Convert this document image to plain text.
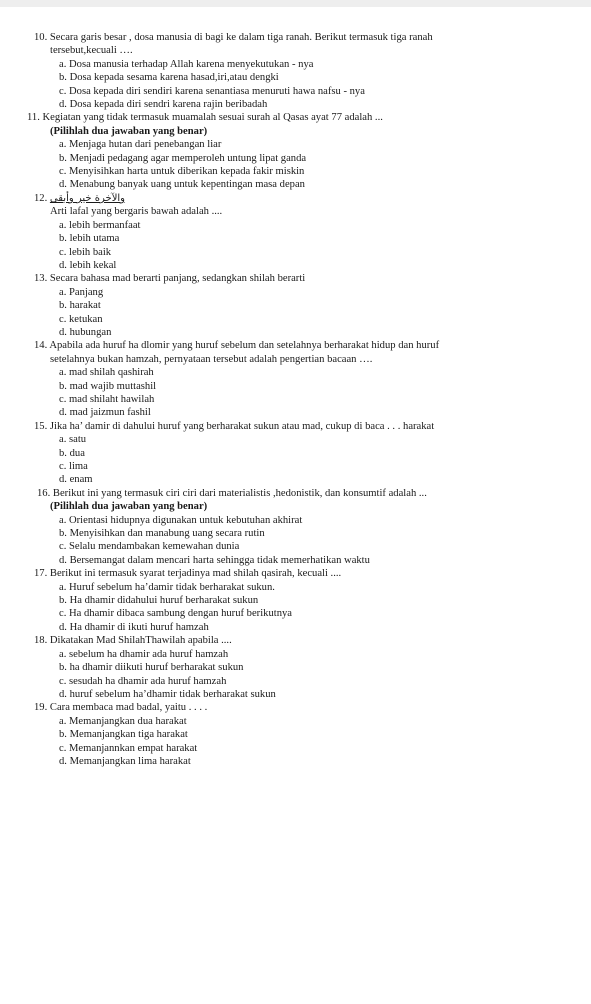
10. Secara garis besar , dosa manusia di bagi ke dalam tiga ranah. Berikut termasuk tiga ranah
tersebut,kecuali ….
a. Dosa manusia terhadap Allah karena menyekutukan - nya
b. Dosa kepada sesama karena hasad,iri,atau dengki
c. Dosa kepada diri sendiri karena senantiasa menuruti hawa nafsu - nya
d. Dosa kepada diri sendri karena rajin beribadah
11. Kegiatan yang tidak termasuk muamalah sesuai surah al Qasas ayat 77 adalah ...
(Pilihlah dua jawaban yang benar)
a. Menjaga hutan dari penebangan liar
b. Menjadi pedagang agar memperoleh untung lipat ganda
c. Menyisihkan harta untuk diberikan kepada fakir miskin
d. Menabung banyak uang untuk kepentingan masa depan
12. والآخرة خير وأبقى
Arti lafal yang bergaris bawah adalah ....
a. lebih bermanfaat
b. lebih utama
c. lebih baik
d. lebih kekal
13. Secara bahasa mad berarti panjang, sedangkan shilah berarti
a. Panjang
b. harakat
c. ketukan
d. hubungan
14. Apabila ada huruf ha dlomir yang huruf sebelum dan setelahnya berharakat hidup dan huruf
setelahnya bukan hamzah, pernyataan tersebut adalah pengertian bacaan ….
a. mad shilah qashirah
b. mad wajib muttashil
c. mad shilaht hawilah
d. mad jaizmun fashil
15. Jika ha’ damir di dahului huruf yang berharakat sukun atau mad, cukup di baca . . . harakat
a. satu
b. dua
c. lima
d. enam
16. Berikut ini yang termasuk ciri ciri dari materialistis ,hedonistik, dan konsumtif adalah ...
(Pilihlah dua jawaban yang benar)
a. Orientasi hidupnya digunakan untuk kebutuhan akhirat
b. Menyisihkan dan manabung uang secara rutin
c. Selalu mendambakan kemewahan dunia
d. Bersemangat dalam mencari harta sehingga tidak memerhatikan waktu
17. Berikut ini termasuk syarat terjadinya mad shilah qasirah, kecuali ....
a. Huruf sebelum ha’damir tidak berharakat sukun.
b. Ha dhamir didahului huruf berharakat sukun
c. Ha dhamir dibaca sambung dengan huruf berikutnya
d. Ha dhamir di ikuti huruf hamzah
18. Dikatakan Mad ShilahThawilah apabila ....
a. sebelum ha dhamir ada huruf hamzah
b. ha dhamir diikuti huruf berharakat sukun
c. sesudah ha dhamir ada huruf hamzah
d. huruf sebelum ha’dhamir tidak berharakat sukun
19. Cara membaca mad badal, yaitu . . . .
a. Memanjangkan dua harakat
b. Memanjangkan tiga harakat
c. Memanjannkan empat harakat
d. Memanjangkan lima harakat
